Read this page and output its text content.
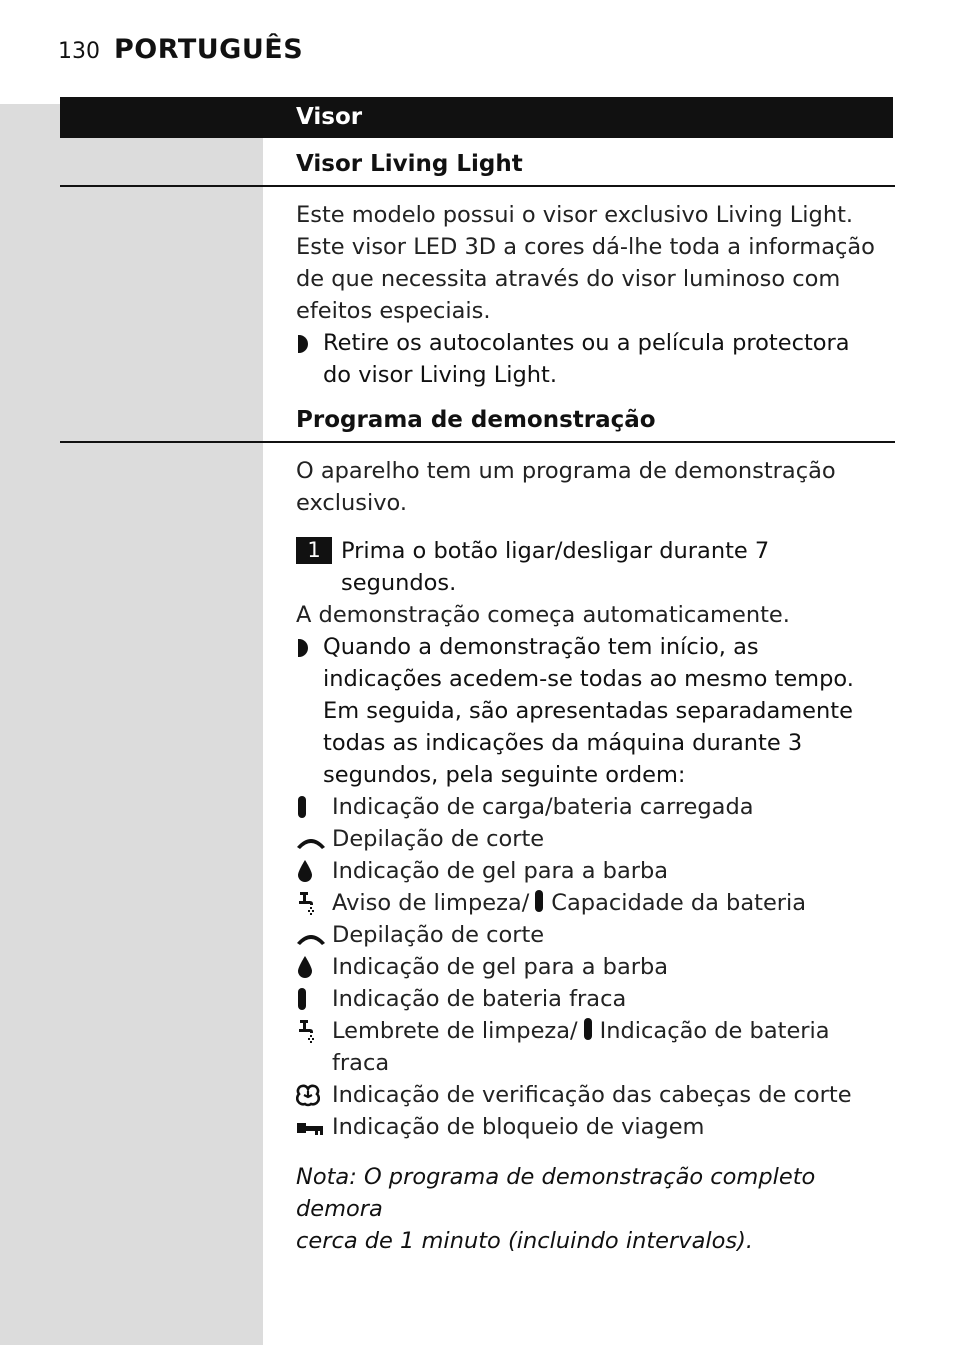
130 PORTUGUÊS
Visor
Visor Living Light
Este modelo possui o visor exclusivo Living Light.
Este visor LED 3D a cores dá-lhe toda a informação
de que necessita através do visor luminoso com
efeitos especiais.
Retire os autocolantes ou a película protectora
do visor Living Light.
Programa de demonstração
O aparelho tem um programa de demonstração
exclusivo.
1 Prima o botão ligar/desligar durante 7
segundos.
A demonstração começa automaticamente.
Quando a demonstração tem início, as
indicações acedem-se todas ao mesmo tempo.
Em seguida, são apresentadas separadamente
todas as indicações da máquina durante 3
segundos, pela seguinte ordem:
Indicação de carga/bateria carregada
Depilação de corte
Indicação de gel para a barba
Aviso de limpeza/ Capacidade da bateria
Depilação de corte
Indicação de gel para a barba
Indicação de bateria fraca
Lembrete de limpeza/ Indicação de bateria
fraca
Indicação de verificação das cabeças de corte
Indicação de bloqueio de viagem
Nota: O programa de demonstração completo demora
cerca de 1 minuto (incluindo intervalos).
